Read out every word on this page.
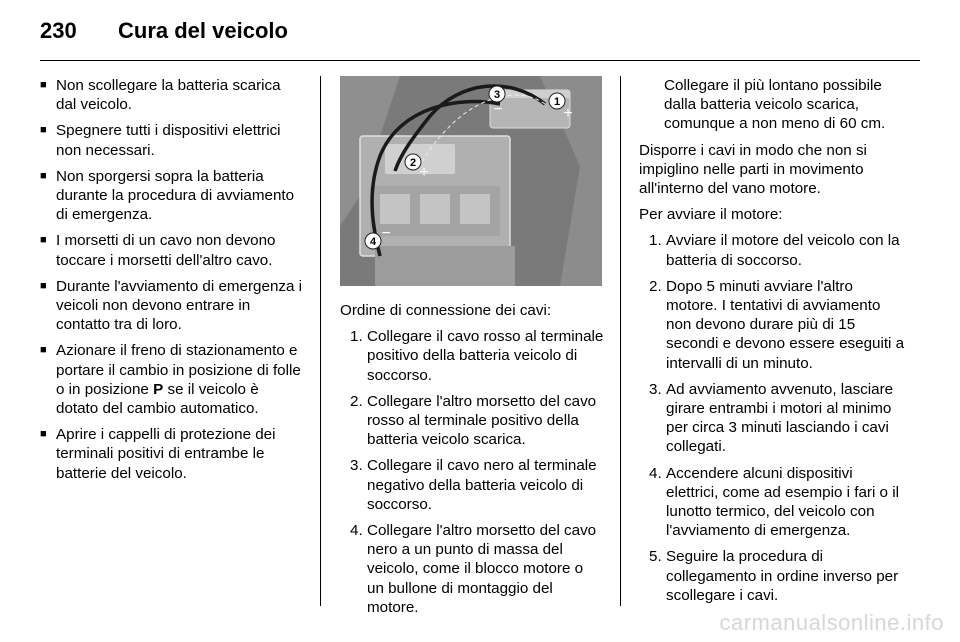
230 Cura del veicolo
■ Non scollegare la batteria scarica dal veicolo.
■ Spegnere tutti i dispositivi elettrici non necessari.
■ Non sporgersi sopra la batteria durante la procedura di avviamento di emergenza.
■ I morsetti di un cavo non devono toccare i morsetti dell'altro cavo.
■ Durante l'avviamento di emergenza i veicoli non devono entrare in contatto tra di loro.
■ Azionare il freno di stazionamento e portare il cambio in posizione di folle o in posizione P se il veicolo è dotato del cambio automatico.
■ Aprire i cappelli di protezione dei terminali positivi di entrambe le batterie del veicolo.
1
+
2
+
3
−
4 −

Ordine di connessione dei cavi:

1. Collegare il cavo rosso al terminale positivo della batteria veicolo di soccorso.
2. Collegare l'altro morsetto del cavo rosso al terminale positivo della batteria veicolo scarica.
3. Collegare il cavo nero al terminale negativo della batteria veicolo di soccorso.
4. Collegare l'altro morsetto del cavo nero a un punto di massa del veicolo, come il blocco motore o un bullone di montaggio del motore.

Collegare il più lontano possibile dalla batteria veicolo scarica, comunque a non meno di 60 cm.

Disporre i cavi in modo che non si impiglino nelle parti in movimento all'interno del vano motore.

Per avviare il motore:

1. Avviare il motore del veicolo con la batteria di soccorso.
2. Dopo 5 minuti avviare l'altro motore. I tentativi di avviamento non devono durare più di 15 secondi e devono essere eseguiti a intervalli di un minuto.
3. Ad avviamento avvenuto, lasciare girare entrambi i motori al minimo per circa 3 minuti lasciando i cavi collegati.
4. Accendere alcuni dispositivi elettrici, come ad esempio i fari o il lunotto termico, del veicolo con l'avviamento di emergenza.
5. Seguire la procedura di collegamento in ordine inverso per scollegare i cavi.
carmanualsonline.info
